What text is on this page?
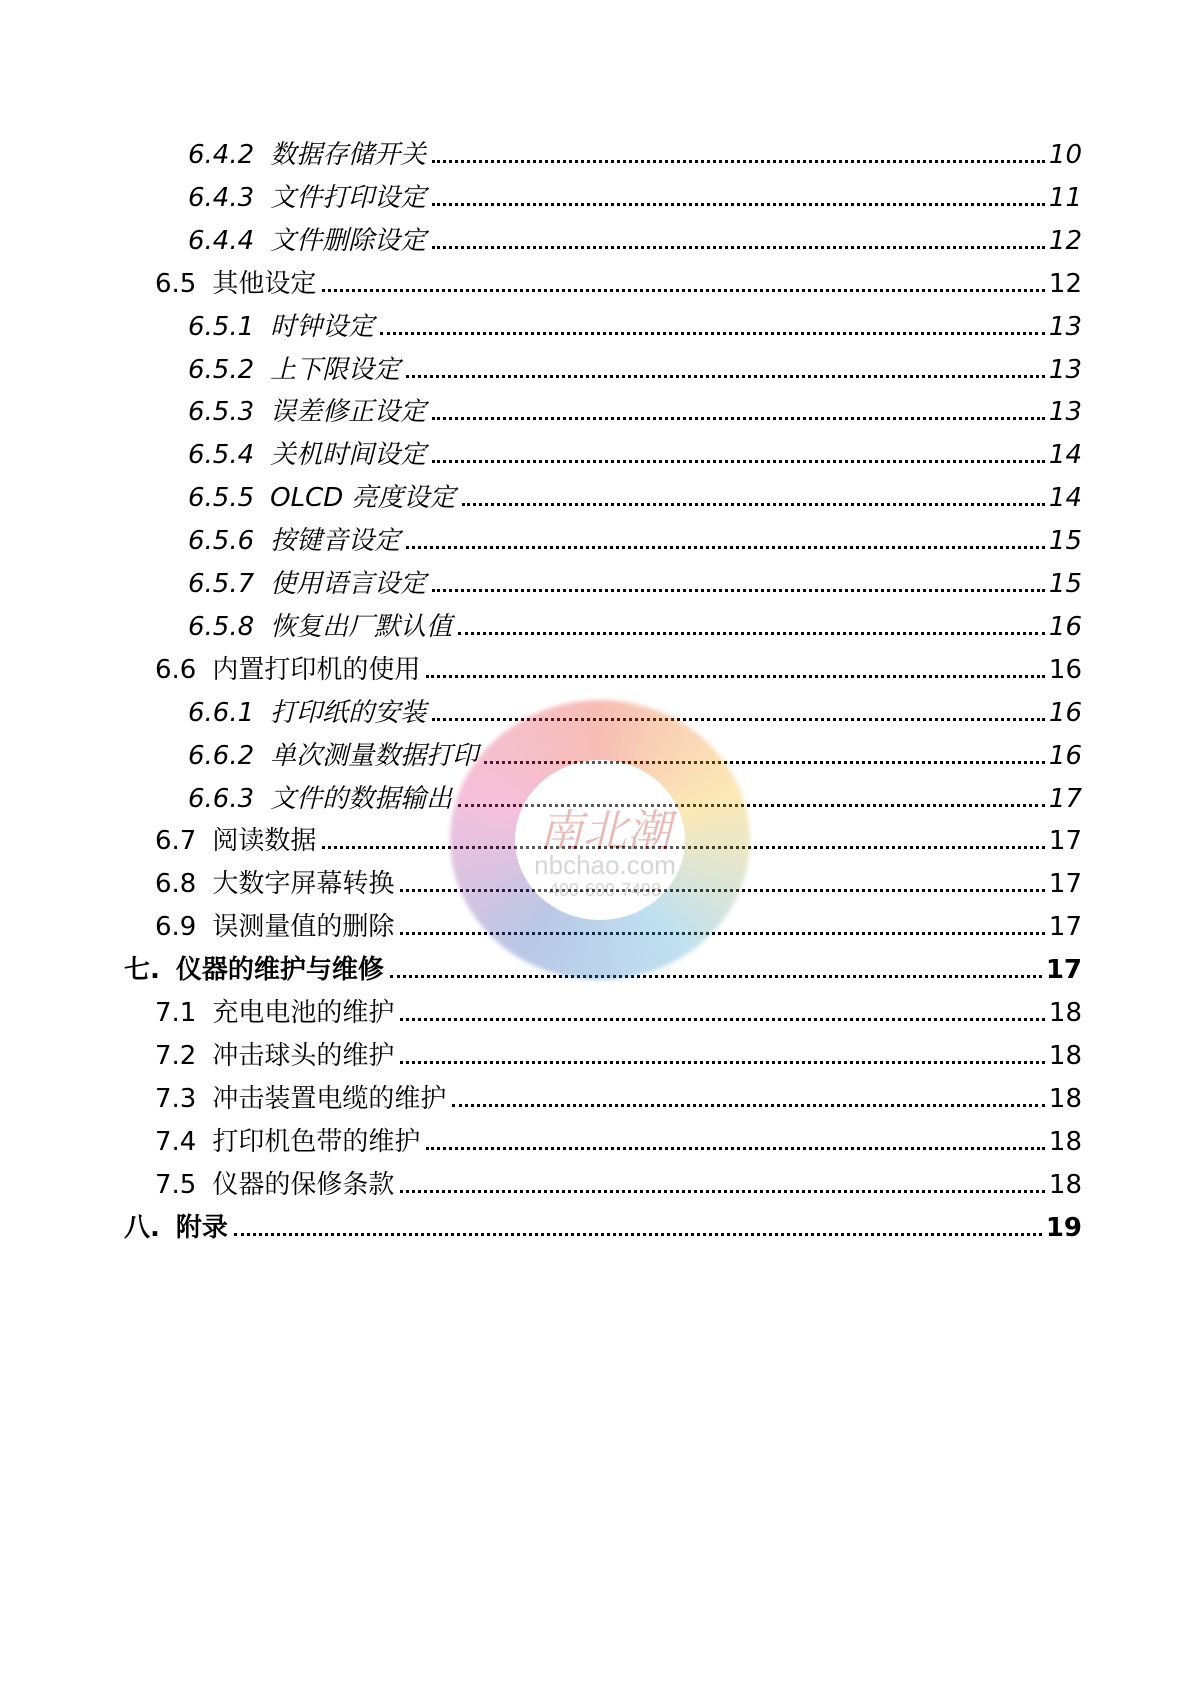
6.4.2 数据存储开关	10
6.4.3 文件打印设定	11
6.4.4 文件删除设定	12
6.5 其他设定	12
6.5.1 时钟设定	13
6.5.2 上下限设定	13
6.5.3 误差修正设定	13
6.5.4 关机时间设定	14
6.5.5 OLCD 亮度设定	14
6.5.6 按键音设定	15
6.5.7 使用语言设定	15
6.5.8 恢复出厂默认值	16
6.6 内置打印机的使用	16
6.6.1 打印纸的安装	16
6.6.2 单次测量数据打印	16
6.6.3 文件的数据输出	17
6.7 阅读数据	17
6.8 大数字屏幕转换	17
6.9 误测量值的删除	17
七. 仪器的维护与维修	17
7.1 充电电池的维护	18
7.2 冲击球头的维护	18
7.3 冲击装置电缆的维护	18
7.4 打印机色带的维护	18
7.5 仪器的保修条款	18
八. 附录	19
南北潮
nbchao.com
400-600-7498
